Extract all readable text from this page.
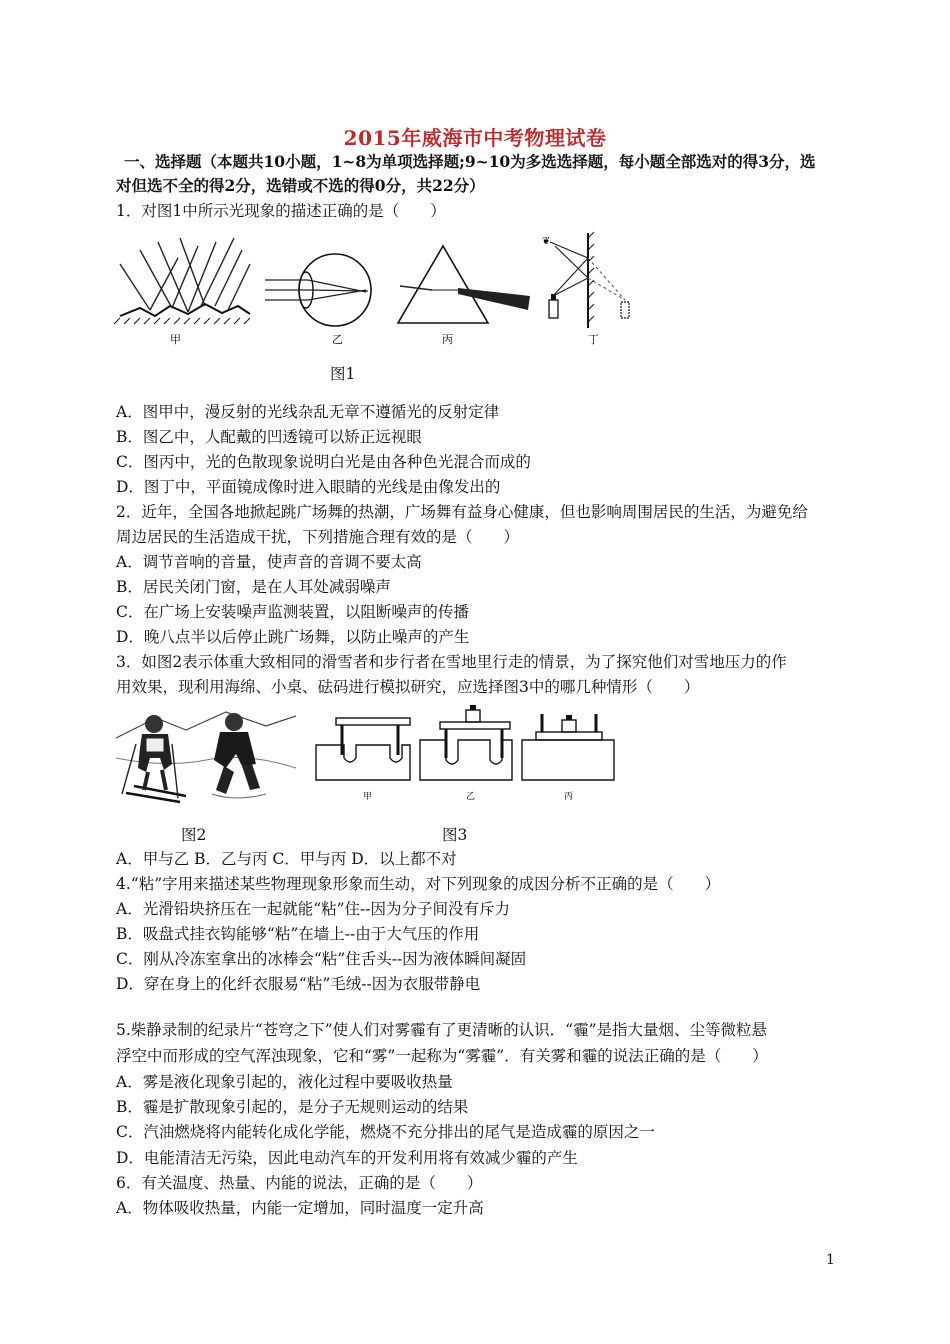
2015年威海市中考物理试卷
一、选择题（本题共10小题，1~8为单项选择题;9~10为多选选择题，每小题全部选对的得3分，选
对但选不全的得2分，选错或不选的得0分，共22分）
1．对图1中所示光现象的描述正确的是（　　）
甲	乙	丙
❦
丁
图1
A．图甲中，漫反射的光线杂乱无章不遵循光的反射定律
B．图乙中，人配戴的凹透镜可以矫正远视眼
C．图丙中，光的色散现象说明白光是由各种色光混合而成的
D．图丁中，平面镜成像时进入眼睛的光线是由像发出的
2．近年，全国各地掀起跳广场舞的热潮，广场舞有益身心健康，但也影响周围居民的生活，为避免给
周边居民的生活造成干扰，下列措施合理有效的是（　　）
A．调节音响的音量，使声音的音调不要太高
B．居民关闭门窗，是在人耳处减弱噪声
C．在广场上安装噪声监测装置，以阻断噪声的传播
D．晚八点半以后停止跳广场舞，以防止噪声的产生
3．如图2表示体重大致相同的滑雪者和步行者在雪地里行走的情景，为了探究他们对雪地压力的作
用效果，现利用海绵、小桌、砝码进行模拟研究，应选择图3中的哪几种情形（　　）
甲	乙	丙
图2	图3
A．甲与乙 B．乙与丙 C．甲与丙 D．以上都不对
4.“粘”字用来描述某些物理现象形象而生动，对下列现象的成因分析不正确的是（　　）
A．光滑铅块挤压在一起就能“粘”住--因为分子间没有斥力
B．吸盘式挂衣钩能够“粘”在墙上--由于大气压的作用
C．刚从冷冻室拿出的冰棒会“粘”住舌头--因为液体瞬间凝固
D．穿在身上的化纤衣服易“粘”毛绒--因为衣服带静电
5.柴静录制的纪录片“苍穹之下”使人们对雾霾有了更清晰的认识．“霾”是指大量烟、尘等微粒悬
浮空中而形成的空气浑浊现象，它和“雾”一起称为“雾霾”．有关雾和霾的说法正确的是（　　）
A．雾是液化现象引起的，液化过程中要吸收热量
B．霾是扩散现象引起的，是分子无规则运动的结果
C．汽油燃烧将内能转化成化学能，燃烧不充分排出的尾气是造成霾的原因之一
D．电能清洁无污染，因此电动汽车的开发利用将有效减少霾的产生
6．有关温度、热量、内能的说法，正确的是（　　）
A．物体吸收热量，内能一定增加，同时温度一定升高
1
